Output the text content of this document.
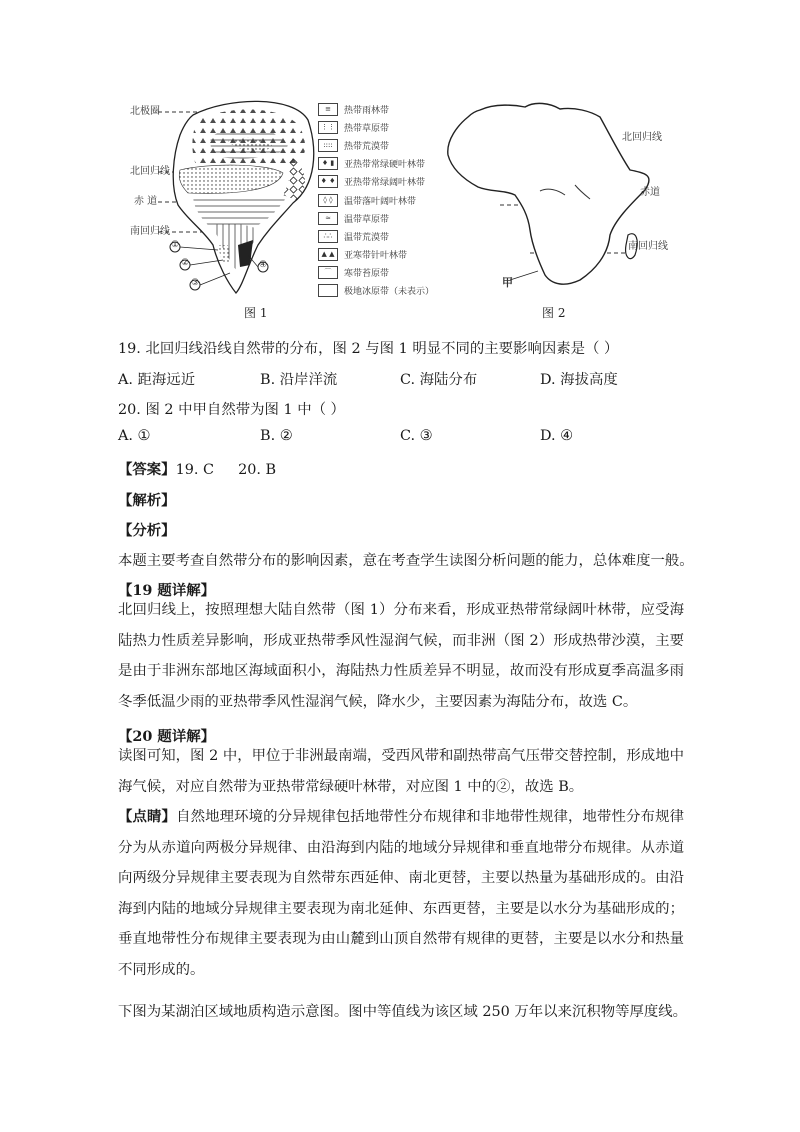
北极圈
北回归线
赤 道
南回归线
①
②
③
④
≡	热带雨林带
⋮⋮	热带草原带
::::	热带荒漠带
♦ ▮	亚热带常绿硬叶林带
♦ ♦ 亚热带常绿阔叶林带
◊ ◊	温带落叶阔叶林带
≈	温带草原带
∴∴	温带荒漠带
▲ ▲	亚寒带针叶林带
⌒	寒带苔原带
极地冰原带（未表示）
图 1
北回归线
赤道
南回归线
甲
图 2
19. 北回归线沿线自然带的分布，图 2 与图 1 明显不同的主要影响因素是（ ）
A. 距海远近	B. 沿岸洋流	C. 海陆分布	D. 海拔高度
20. 图 2 中甲自然带为图 1 中（ ）
A. ①	B. ②	C. ③	D. ④
【答案】19. C 20. B
【解析】
【分析】
本题主要考查自然带分布的影响因素，意在考查学生读图分析问题的能力，总体难度一般。
【19 题详解】
北回归线上，按照理想大陆自然带（图 1）分布来看，形成亚热带常绿阔叶林带，应受海陆热力性质差异影响，形成亚热带季风性湿润气候，而非洲（图 2）形成热带沙漠，主要是由于非洲东部地区海域面积小，海陆热力性质差异不明显，故而没有形成夏季高温多雨冬季低温少雨的亚热带季风性湿润气候，降水少，主要因素为海陆分布，故选 C。
【20 题详解】
读图可知，图 2 中，甲位于非洲最南端，受西风带和副热带高气压带交替控制，形成地中海气候，对应自然带为亚热带常绿硬叶林带，对应图 1 中的②，故选 B。
【点睛】自然地理环境的分异规律包括地带性分布规律和非地带性规律，地带性分布规律分为从赤道向两极分异规律、由沿海到内陆的地域分异规律和垂直地带分布规律。从赤道向两级分异规律主要表现为自然带东西延伸、南北更替，主要以热量为基础形成的。由沿海到内陆的地域分异规律主要表现为南北延伸、东西更替，主要是以水分为基础形成的；垂直地带性分布规律主要表现为由山麓到山顶自然带有规律的更替，主要是以水分和热量不同形成的。
下图为某湖泊区域地质构造示意图。图中等值线为该区域 250 万年以来沉积物等厚度线。
